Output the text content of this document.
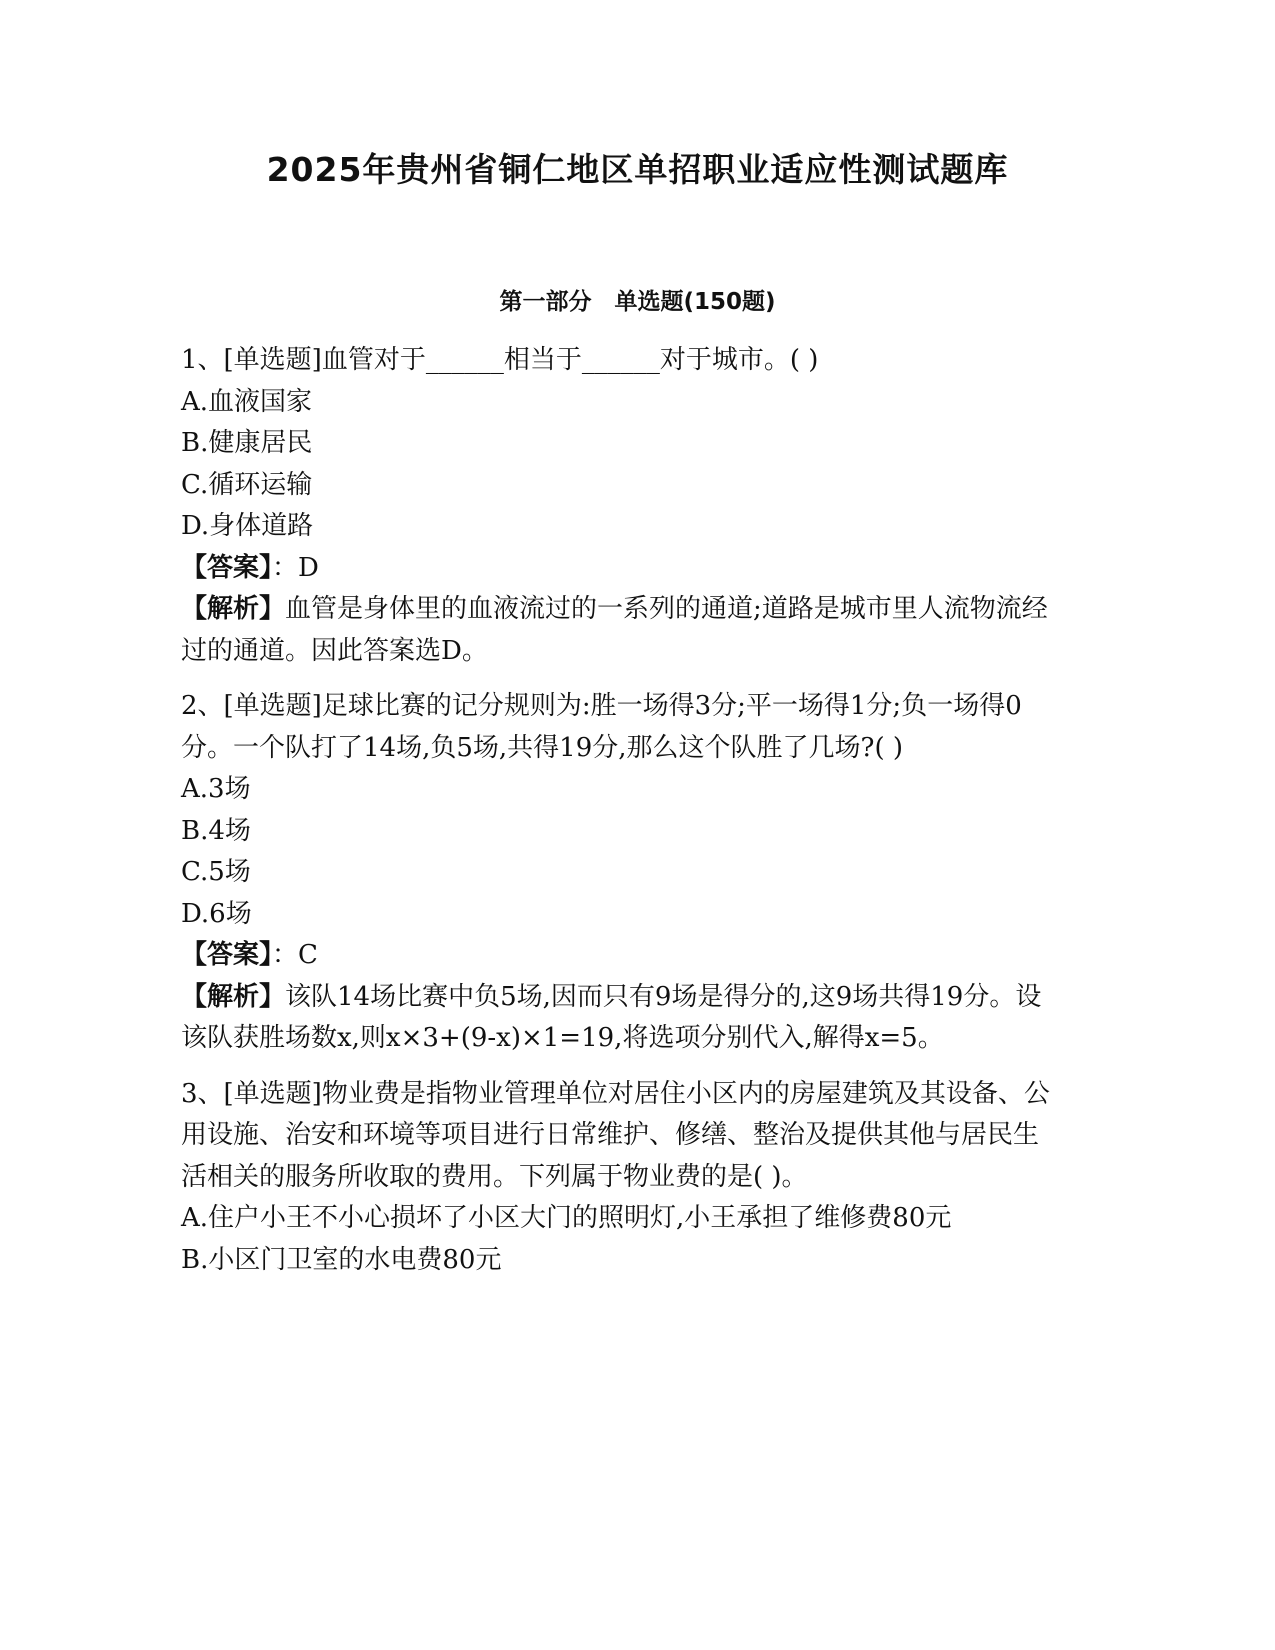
2025年贵州省铜仁地区单招职业适应性测试题库
第一部分　单选题(150题)
1、[单选题]血管对于______相当于______对于城市。( )
A.血液国家
B.健康居民
C.循环运输
D.身体道路
【答案】：D
【解析】血管是身体里的血液流过的一系列的通道;道路是城市里人流物流经过的通道。因此答案选D。
2、[单选题]足球比赛的记分规则为:胜一场得3分;平一场得1分;负一场得0分。一个队打了14场,负5场,共得19分,那么这个队胜了几场?( )
A.3场
B.4场
C.5场
D.6场
【答案】：C
【解析】该队14场比赛中负5场,因而只有9场是得分的,这9场共得19分。设该队获胜场数x,则x×3+(9-x)×1=19,将选项分别代入,解得x=5。
3、[单选题]物业费是指物业管理单位对居住小区内的房屋建筑及其设备、公用设施、治安和环境等项目进行日常维护、修缮、整治及提供其他与居民生活相关的服务所收取的费用。下列属于物业费的是( )。
A.住户小王不小心损坏了小区大门的照明灯,小王承担了维修费80元
B.小区门卫室的水电费80元
